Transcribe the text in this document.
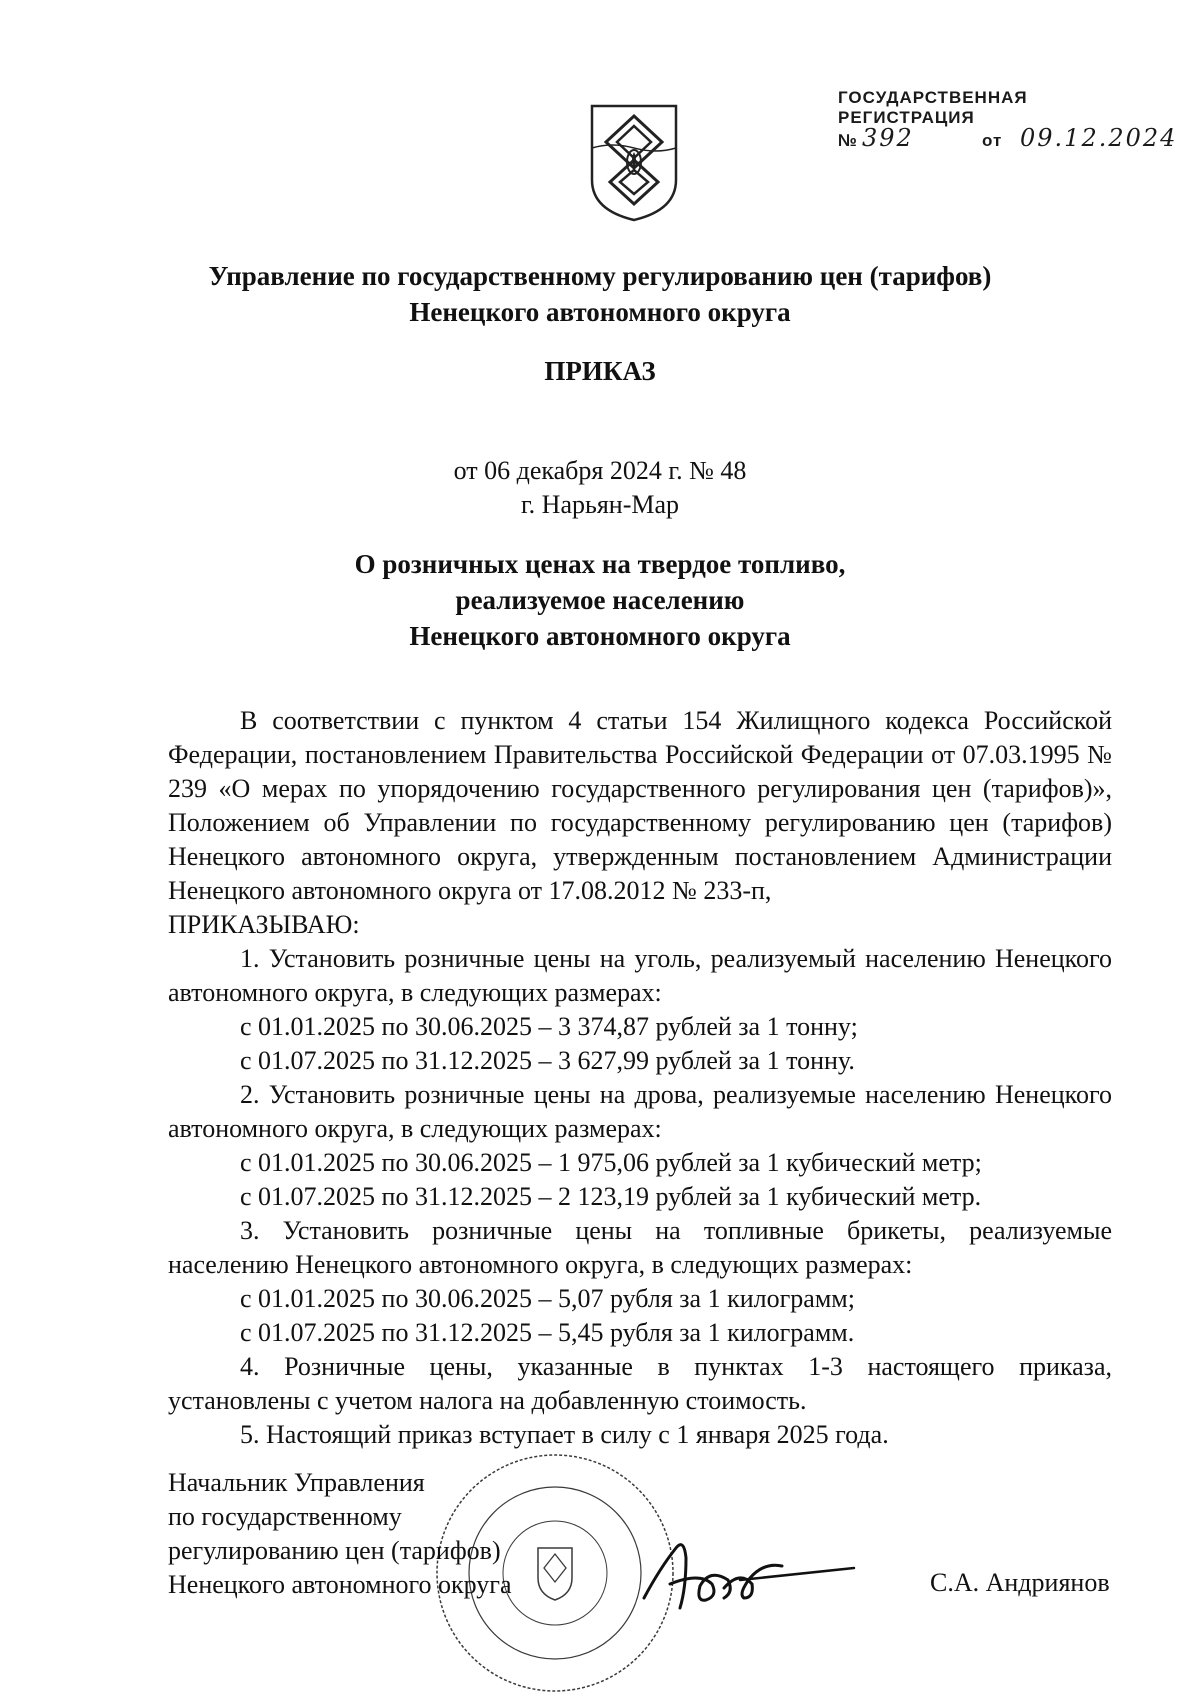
ГОСУДАРСТВЕННАЯ
РЕГИСТРАЦИЯ
№ 392	от 09.12.2024
Управление по государственному регулированию цен (тарифов)
Ненецкого автономного округа
ПРИКАЗ
от 06 декабря 2024 г. № 48
г. Нарьян-Мар
О розничных ценах на твердое топливо,
реализуемое населению
Ненецкого автономного округа

В соответствии с пунктом 4 статьи 154 Жилищного кодекса Российской Федерации, постановлением Правительства Российской Федерации от 07.03.1995 № 239 «О мерах по упорядочению государственного регулирования цен (тарифов)», Положением об Управлении по государственному регулированию цен (тарифов) Ненецкого автономного округа, утвержденным постановлением Администрации Ненецкого автономного округа от 17.08.2012 № 233-п,

ПРИКАЗЫВАЮ:

1. Установить розничные цены на уголь, реализуемый населению Ненецкого автономного округа, в следующих размерах:

с 01.01.2025 по 30.06.2025 – 3 374,87 рублей за 1 тонну;

с 01.07.2025 по 31.12.2025 – 3 627,99 рублей за 1 тонну.

2. Установить розничные цены на дрова, реализуемые населению Ненецкого автономного округа, в следующих размерах:

с 01.01.2025 по 30.06.2025 – 1 975,06 рублей за 1 кубический метр;

с 01.07.2025 по 31.12.2025 – 2 123,19 рублей за 1 кубический метр.

3. Установить розничные цены на топливные брикеты, реализуемые населению Ненецкого автономного округа, в следующих размерах:

с 01.01.2025 по 30.06.2025 – 5,07 рубля за 1 килограмм;

с 01.07.2025 по 31.12.2025 – 5,45 рубля за 1 килограмм.

4. Розничные цены, указанные в пунктах 1-3 настоящего приказа, установлены с учетом налога на добавленную стоимость.

5. Настоящий приказ вступает в силу с 1 января 2025 года.

Начальник Управления
по государственному
регулированию цен (тарифов)
Ненецкого автономного округа	С.А. Андриянов
